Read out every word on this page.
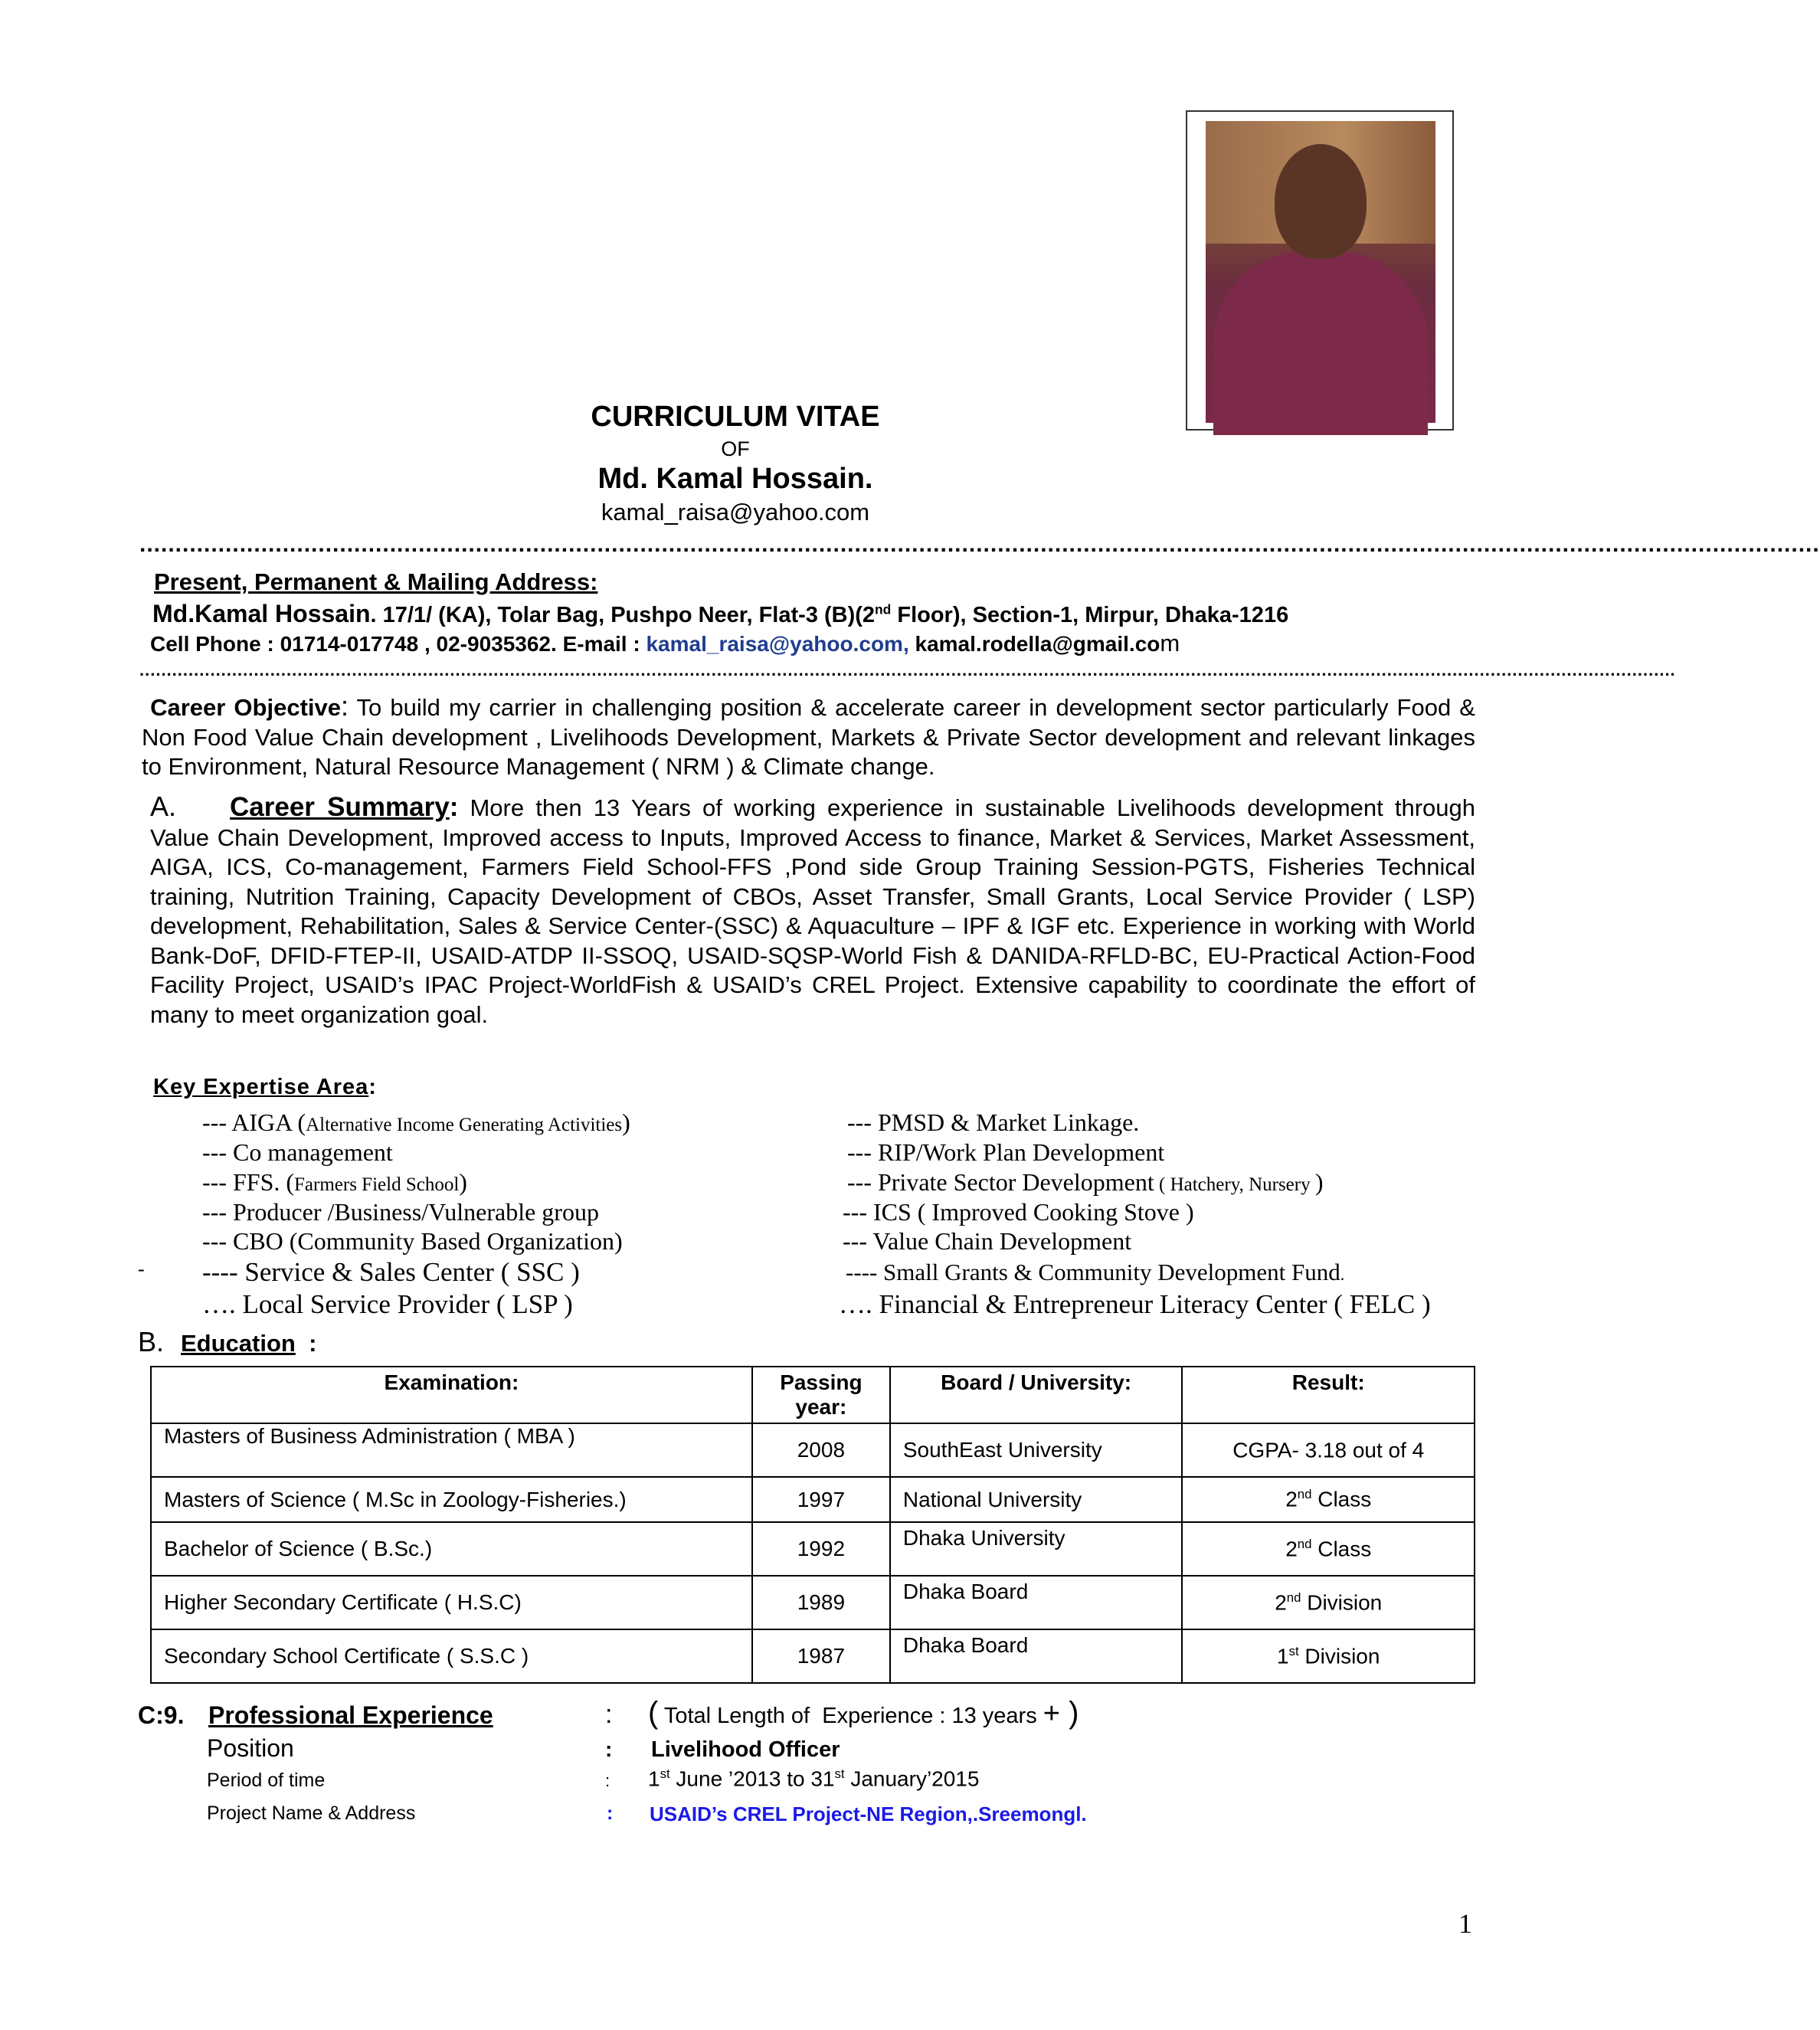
CURRICULUM VITAE
OF
Md. Kamal Hossain.
kamal_raisa@yahoo.com
...........................................................................................................................................................................................................................................
Present, Permanent & Mailing Address:
Md.Kamal Hossain. 17/1/ (KA), Tolar Bag, Pushpo Neer, Flat-3 (B)(2nd Floor), Section-1, Mirpur, Dhaka-1216
Cell Phone : 01714-017748 , 02-9035362. E-mail : kamal_raisa@yahoo.com, kamal.rodella@gmail.com
..........................................................................................................................................................................................................................................................................................
Career Objective: To build my carrier in challenging position & accelerate career in development sector particularly Food & Non Food Value Chain development , Livelihoods Development, Markets & Private Sector development and relevant linkages to Environment, Natural Resource Management ( NRM ) & Climate change.
A.	Career Summary: More then 13 Years of working experience in sustainable Livelihoods development through Value Chain Development, Improved access to Inputs, Improved Access to finance, Market & Services, Market Assessment, AIGA, ICS, Co-management, Farmers Field School-FFS ,Pond side Group Training Session-PGTS, Fisheries Technical training, Nutrition Training, Capacity Development of CBOs, Asset Transfer, Small Grants, Local Service Provider ( LSP) development, Rehabilitation, Sales & Service Center-(SSC) & Aquaculture – IPF & IGF etc. Experience in working with World Bank-DoF, DFID-FTEP-II, USAID-ATDP II-SSOQ, USAID-SQSP-World Fish & DANIDA-RFLD-BC, EU-Practical Action-Food Facility Project, USAID’s IPAC Project-WorldFish & USAID’s CREL Project. Extensive capability to coordinate the effort of many to meet organization goal.
Key Expertise Area:
--- AIGA (Alternative Income Generating Activities)
--- Co management
--- FFS. (Farmers Field School)
--- Producer /Business/Vulnerable group
--- CBO (Community Based Organization)
- ---- Service & Sales Center ( SSC )
…. Local Service Provider ( LSP )
--- PMSD & Market Linkage.
--- RIP/Work Plan Development
--- Private Sector Development ( Hatchery, Nursery )
--- ICS ( Improved Cooking Stove )
--- Value Chain Development
---- Small Grants & Community Development Fund.
…. Financial & Entrepreneur Literacy Center ( FELC )
B. Education :
Examination:	Passing year:	Board / University:	Result:
Masters of Business Administration ( MBA )	2008	SouthEast University	CGPA- 3.18 out of 4
Masters of Science ( M.Sc in Zoology-Fisheries.)	1997	National University	2nd Class
Bachelor of Science ( B.Sc.)	1992	Dhaka University	2nd Class
Higher Secondary Certificate ( H.S.C)	1989	Dhaka Board	2nd Division
Secondary School Certificate ( S.S.C )	1987	Dhaka Board	1st Division
C:9. Professional Experience	: ( Total Length of  Experience : 13 years + )
Position	: Livelihood Officer
Period of time	: 1st June ’2013 to 31st January’2015
Project Name & Address	: USAID’s CREL Project-NE Region,.Sreemongl.
1
